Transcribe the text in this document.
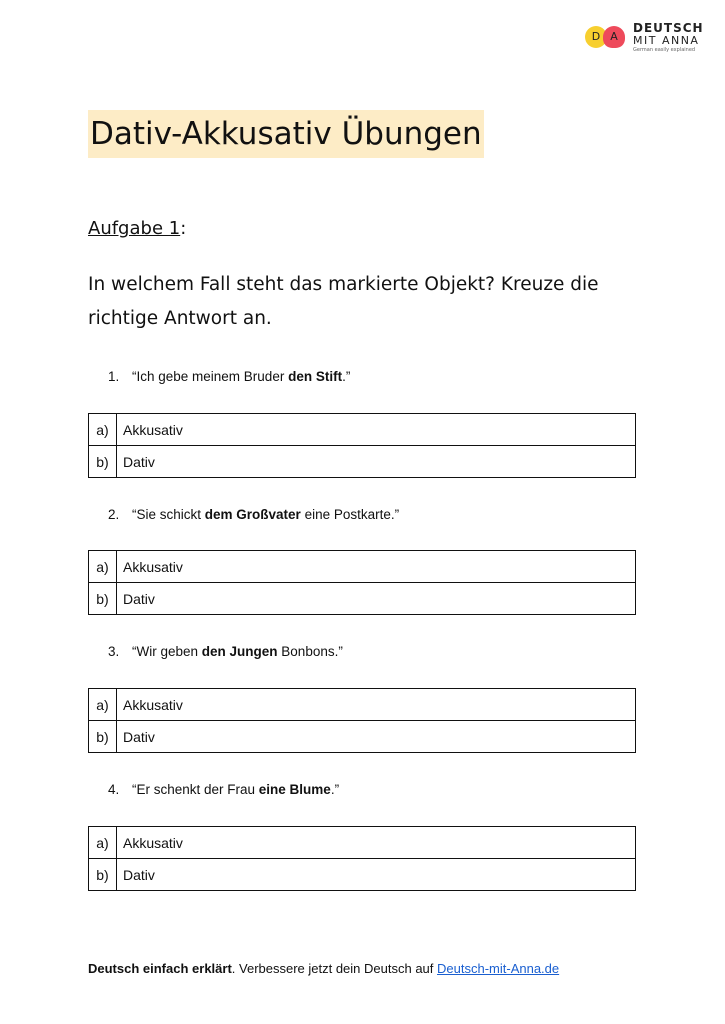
D A
DEUTSCH
MIT ANNA
German easily explained
Dativ-Akkusativ Übungen
Aufgabe 1:
In welchem Fall steht das markierte Objekt? Kreuze die richtige Antwort an.
1. “Ich gebe meinem Bruder den Stift.”
a)	Akkusativ
b)	Dativ
2. “Sie schickt dem Großvater eine Postkarte.”
a)	Akkusativ
b)	Dativ
3. “Wir geben den Jungen Bonbons.”
a)	Akkusativ
b)	Dativ
4. “Er schenkt der Frau eine Blume.”
a)	Akkusativ
b)	Dativ
Deutsch einfach erklärt. Verbessere jetzt dein Deutsch auf Deutsch-mit-Anna.de
